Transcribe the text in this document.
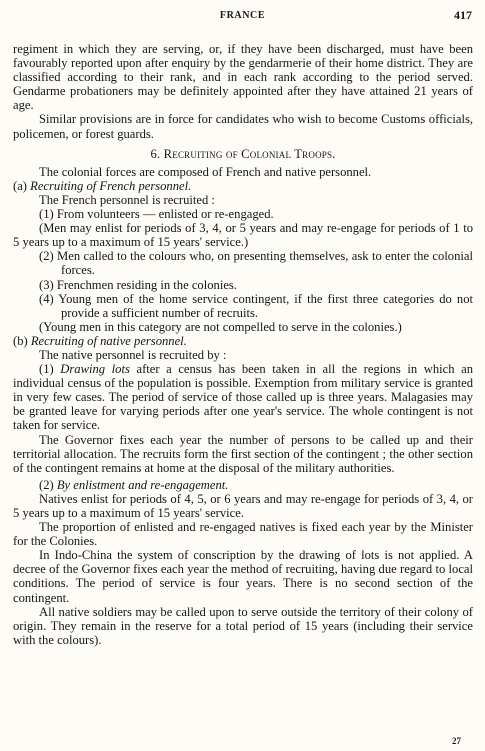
FRANCE	417

regiment in which they are serving, or, if they have been discharged, must have been favourably reported upon after enquiry by the gendarmerie of their home district. They are classified according to their rank, and in each rank according to the period served. Gendarme probationers may be definitely appointed after they have attained 21 years of age.

Similar provisions are in force for candidates who wish to become Customs officials, policemen, or forest guards.

6. Recruiting of Colonial Troops.

The colonial forces are composed of French and native personnel.

(a) Recruiting of French personnel.

The French personnel is recruited :

(1) From volunteers — enlisted or re-engaged.

(Men may enlist for periods of 3, 4, or 5 years and may re-engage for periods of 1 to 5 years up to a maximum of 15 years' service.)

(2) Men called to the colours who, on presenting themselves, ask to enter the colonial forces.

(3) Frenchmen residing in the colonies.

(4) Young men of the home service contingent, if the first three categories do not provide a sufficient number of recruits.

(Young men in this category are not compelled to serve in the colonies.)

(b) Recruiting of native personnel.

The native personnel is recruited by :

(1) Drawing lots after a census has been taken in all the regions in which an individual census of the population is possible. Exemption from military service is granted in very few cases. The period of service of those called up is three years. Malagasies may be granted leave for varying periods after one year's service. The whole contingent is not taken for service.

The Governor fixes each year the number of persons to be called up and their territorial allocation. The recruits form the first section of the contingent ; the other section of the contingent remains at home at the disposal of the military authorities.

(2) By enlistment and re-engagement.

Natives enlist for periods of 4, 5, or 6 years and may re-engage for periods of 3, 4, or 5 years up to a maximum of 15 years' service.

The proportion of enlisted and re-engaged natives is fixed each year by the Minister for the Colonies.

In Indo-China the system of conscription by the drawing of lots is not applied. A decree of the Governor fixes each year the method of recruiting, having due regard to local conditions. The period of service is four years. There is no second section of the contingent.

All native soldiers may be called upon to serve outside the territory of their colony of origin. They remain in the reserve for a total period of 15 years (including their service with the colours).

27
